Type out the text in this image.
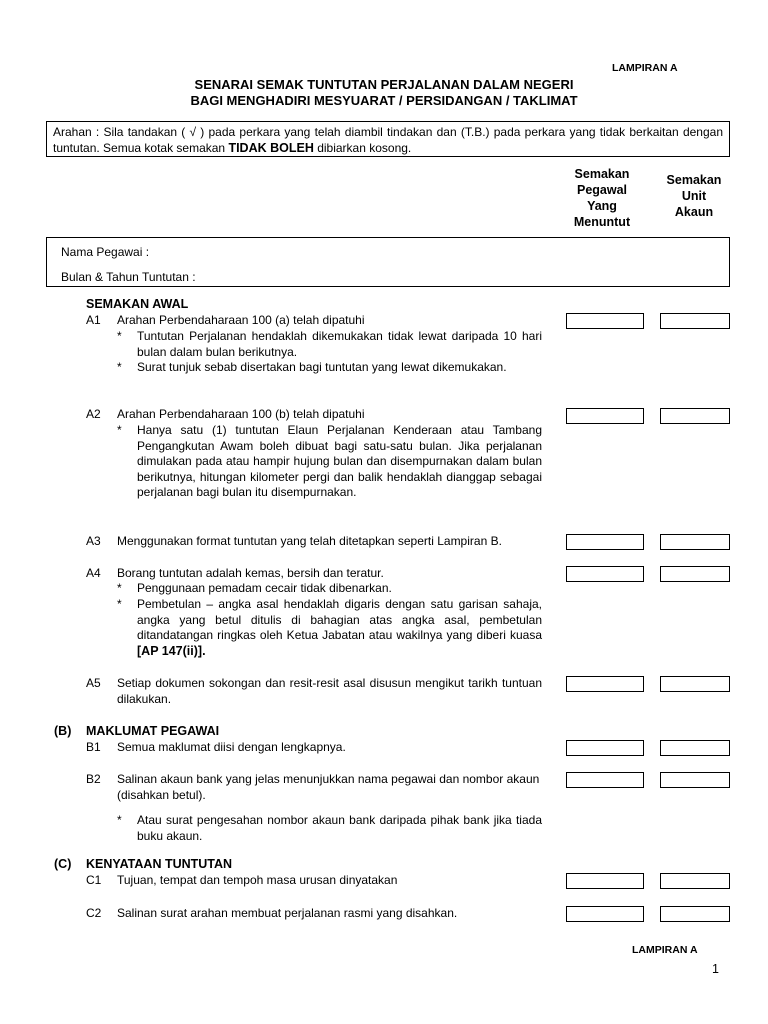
LAMPIRAN A
SENARAI SEMAK TUNTUTAN PERJALANAN DALAM NEGERI
BAGI MENGHADIRI MESYUARAT / PERSIDANGAN / TAKLIMAT
Arahan : Sila tandakan ( √ ) pada perkara yang telah diambil tindakan dan (T.B.) pada perkara yang tidak berkaitan dengan tuntutan. Semua kotak semakan TIDAK BOLEH dibiarkan kosong.
Semakan
Pegawal
Yang
Menuntut
Semakan
Unit
Akaun
Nama Pegawai :
Bulan & Tahun Tuntutan :
SEMAKAN AWAL
A1 Arahan Perbendaharaan 100 (a) telah dipatuhi
* Tuntutan Perjalanan hendaklah dikemukakan tidak lewat daripada 10 hari bulan dalam bulan berikutnya.
* Surat tunjuk sebab disertakan bagi tuntutan yang lewat dikemukakan.
A2 Arahan Perbendaharaan 100 (b) telah dipatuhi
* Hanya satu (1) tuntutan Elaun Perjalanan Kenderaan atau Tambang Pengangkutan Awam boleh dibuat bagi satu-satu bulan. Jika perjalanan dimulakan pada atau hampir hujung bulan dan disempurnakan dalam bulan berikutnya, hitungan kilometer pergi dan balik hendaklah dianggap sebagai perjalanan bagi bulan itu disempurnakan.
A3 Menggunakan format tuntutan yang telah ditetapkan seperti Lampiran B.
A4 Borang tuntutan adalah kemas, bersih dan teratur.
* Penggunaan pemadam cecair tidak dibenarkan.
* Pembetulan – angka asal hendaklah digaris dengan satu garisan sahaja, angka yang betul ditulis di bahagian atas angka asal, pembetulan ditandatangan ringkas oleh Ketua Jabatan atau wakilnya yang diberi kuasa [AP 147(ii)].
A5 Setiap dokumen sokongan dan resit-resit asal disusun mengikut tarikh tuntuan dilakukan.
(B) MAKLUMAT PEGAWAI
B1 Semua maklumat diisi dengan lengkapnya.
B2 Salinan akaun bank yang jelas menunjukkan nama pegawai dan nombor akaun (disahkan betul).
* Atau surat pengesahan nombor akaun bank daripada pihak bank jika tiada buku akaun.
(C) KENYATAAN TUNTUTAN
C1 Tujuan, tempat dan tempoh masa urusan dinyatakan
C2 Salinan surat arahan membuat perjalanan rasmi yang disahkan.
LAMPIRAN A
1
